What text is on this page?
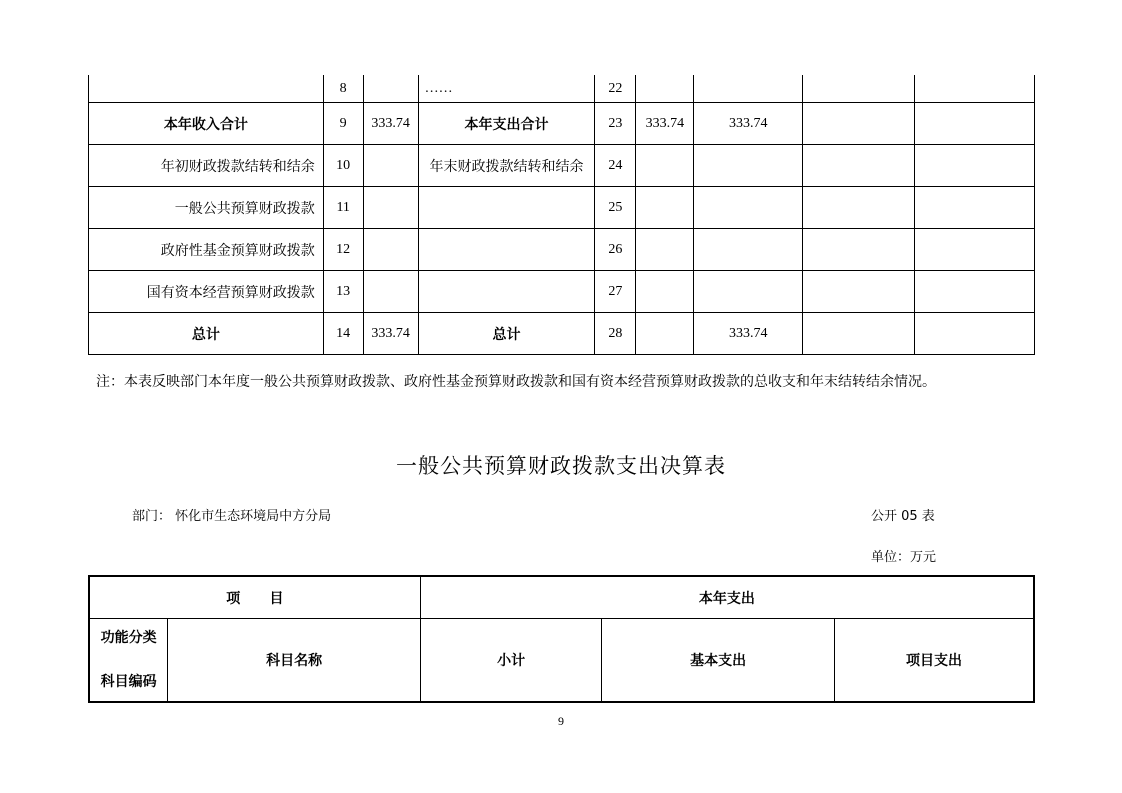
	8		……	22				
本年收入合计	9	333.74	本年支出合计	23	333.74	333.74		
年初财政拨款结转和结余	10		年末财政拨款结转和结余	24				
一般公共预算财政拨款	11			25				
政府性基金预算财政拨款	12			26				
国有资本经营预算财政拨款	13			27				
总计	14	333.74	总计	28		333.74		
注：本表反映部门本年度一般公共预算财政拨款、政府性基金预算财政拨款和国有资本经营预算财政拨款的总收支和年末结转结余情况。
一般公共预算财政拨款支出决算表
部门： 怀化市生态环境局中方分局	公开 05 表
单位：万元
项      目		本年支出		

功能分类
科目编码	科目名称	小计	基本支出	项目支出
9
